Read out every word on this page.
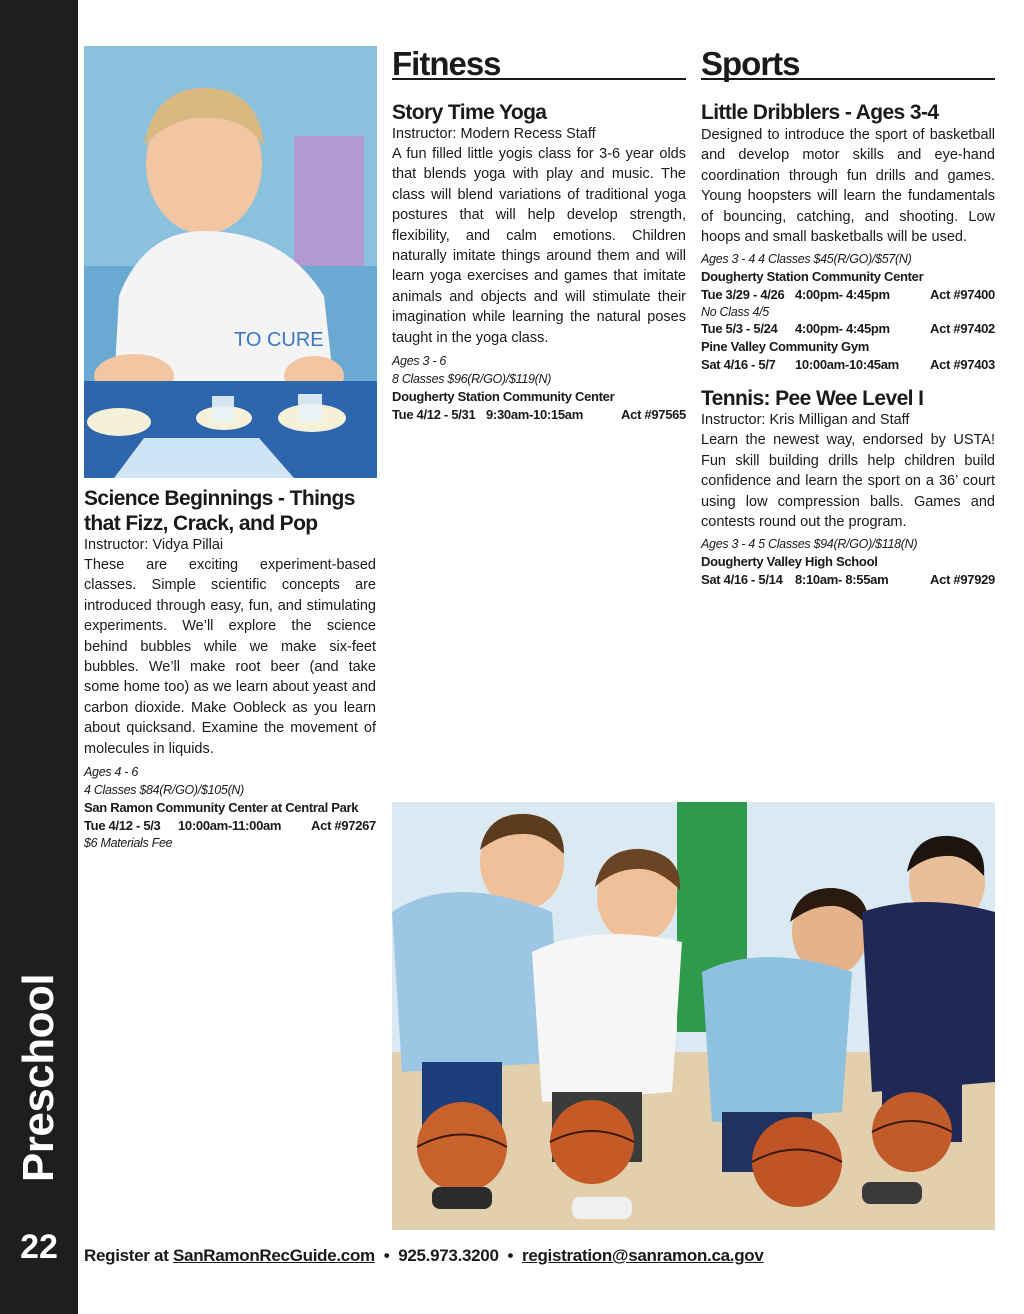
Preschool
22
TO CURE
Science Beginnings - Things
that Fizz, Crack, and Pop
Instructor: Vidya Pillai
These are exciting experiment-based classes. Simple scientific concepts are introduced through easy, fun, and stimulating experiments. We’ll explore the science behind bubbles while we make six-feet bubbles. We’ll make root beer (and take some home too) as we learn about yeast and carbon dioxide. Make Oobleck as you learn about quicksand. Examine the movement of molecules in liquids.
Ages 4 - 6
4 Classes $84(R/GO)/$105(N)
San Ramon Community Center at Central Park
Tue 4/12 - 5/3	10:00am-11:00am	Act #97267
$6 Materials Fee
Fitness
Story Time Yoga
Instructor: Modern Recess Staff
A fun filled little yogis class for 3-6 year olds that blends yoga with play and music. The class will blend variations of traditional yoga postures that will help develop strength, flexibility, and calm emotions. Children naturally imitate things around them and will learn yoga exercises and games that imitate animals and objects and will stimulate their imagination while learning the natural poses taught in the yoga class.
Ages 3 - 6
8 Classes $96(R/GO)/$119(N)
Dougherty Station Community Center
Tue 4/12 - 5/31 9:30am-10:15am	Act #97565
Sports
Little Dribblers - Ages 3-4
Designed to introduce the sport of basketball and develop motor skills and eye-hand coordination through fun drills and games. Young hoopsters will learn the fundamentals of bouncing, catching, and shooting. Low hoops and small basketballs will be used.
Ages 3 - 4 4 Classes $45(R/GO)/$57(N)
Dougherty Station Community Center
Tue 3/29 - 4/26 4:00pm- 4:45pm	Act #97400
No Class 4/5
Tue 5/3 - 5/24	4:00pm- 4:45pm	Act #97402
Pine Valley Community Gym
Sat 4/16 - 5/7	10:00am-10:45am	Act #97403
Tennis: Pee Wee Level I
Instructor: Kris Milligan and Staff
Learn the newest way, endorsed by USTA! Fun skill building drills help children build confidence and learn the sport on a 36’ court using low compression balls. Games and contests round out the program.
Ages 3 - 4 5 Classes $94(R/GO)/$118(N)
Dougherty Valley High School
Sat 4/16 - 5/14 8:10am- 8:55am	Act #97929
Register at SanRamonRecGuide.com • 925.973.3200 • registration@sanramon.ca.gov
